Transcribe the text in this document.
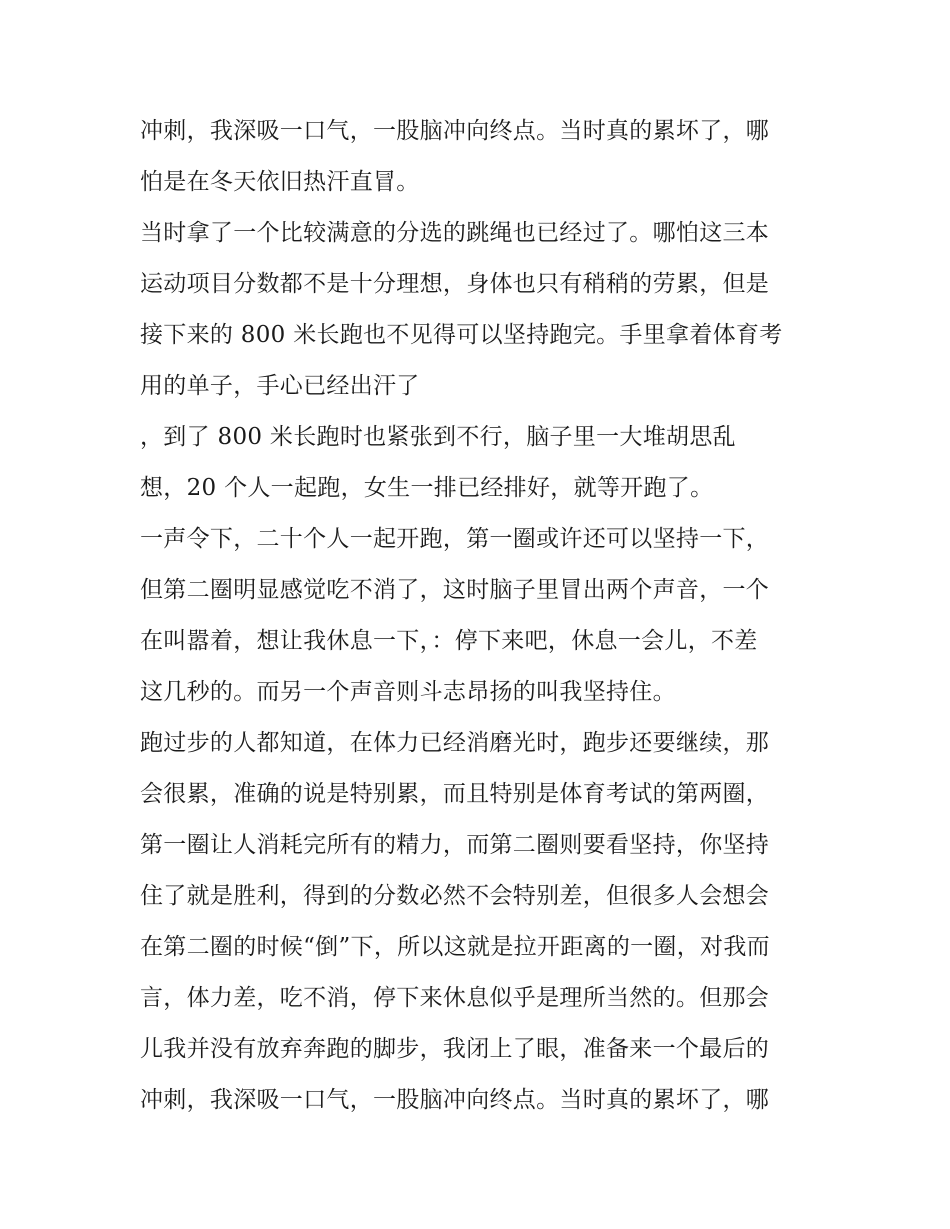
冲刺，我深吸一口气，一股脑冲向终点。当时真的累坏了，哪
怕是在冬天依旧热汗直冒。
当时拿了一个比较满意的分选的跳绳也已经过了。哪怕这三本
运动项目分数都不是十分理想，身体也只有稍稍的劳累，但是
接下来的 800 米长跑也不见得可以坚持跑完。手里拿着体育考
用的单子，手心已经出汗了
，到了 800 米长跑时也紧张到不行，脑子里一大堆胡思乱
想，20 个人一起跑，女生一排已经排好，就等开跑了。
一声令下，二十个人一起开跑，第一圈或许还可以坚持一下，
但第二圈明显感觉吃不消了，这时脑子里冒出两个声音，一个
在叫嚣着，想让我休息一下，：停下来吧，休息一会儿，不差
这几秒的。而另一个声音则斗志昂扬的叫我坚持住。
跑过步的人都知道，在体力已经消磨光时，跑步还要继续，那
会很累，准确的说是特别累，而且特别是体育考试的第两圈，
第一圈让人消耗完所有的精力，而第二圈则要看坚持，你坚持
住了就是胜利，得到的分数必然不会特别差，但很多人会想会
在第二圈的时候“倒”下，所以这就是拉开距离的一圈，对我而
言，体力差，吃不消，停下来休息似乎是理所当然的。但那会
儿我并没有放弃奔跑的脚步，我闭上了眼，准备来一个最后的
冲刺，我深吸一口气，一股脑冲向终点。当时真的累坏了，哪
